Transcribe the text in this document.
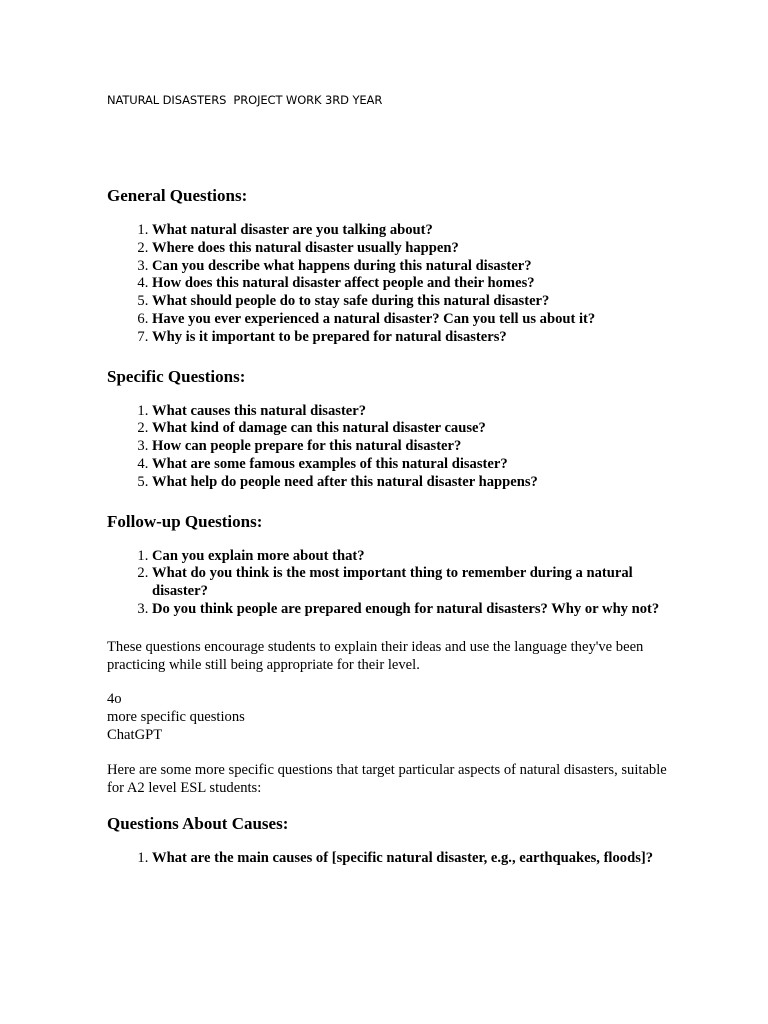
NATURAL DISASTERS  PROJECT WORK 3RD YEAR
General Questions:
1. What natural disaster are you talking about?
2. Where does this natural disaster usually happen?
3. Can you describe what happens during this natural disaster?
4. How does this natural disaster affect people and their homes?
5. What should people do to stay safe during this natural disaster?
6. Have you ever experienced a natural disaster? Can you tell us about it?
7. Why is it important to be prepared for natural disasters?
Specific Questions:
1. What causes this natural disaster?
2. What kind of damage can this natural disaster cause?
3. How can people prepare for this natural disaster?
4. What are some famous examples of this natural disaster?
5. What help do people need after this natural disaster happens?
Follow-up Questions:
1. Can you explain more about that?
2. What do you think is the most important thing to remember during a natural disaster?
3. Do you think people are prepared enough for natural disasters? Why or why not?

These questions encourage students to explain their ideas and use the language they've been practicing while still being appropriate for their level.

4o
more specific questions
ChatGPT

Here are some more specific questions that target particular aspects of natural disasters, suitable for A2 level ESL students:

Questions About Causes:
1. What are the main causes of [specific natural disaster, e.g., earthquakes, floods]?
